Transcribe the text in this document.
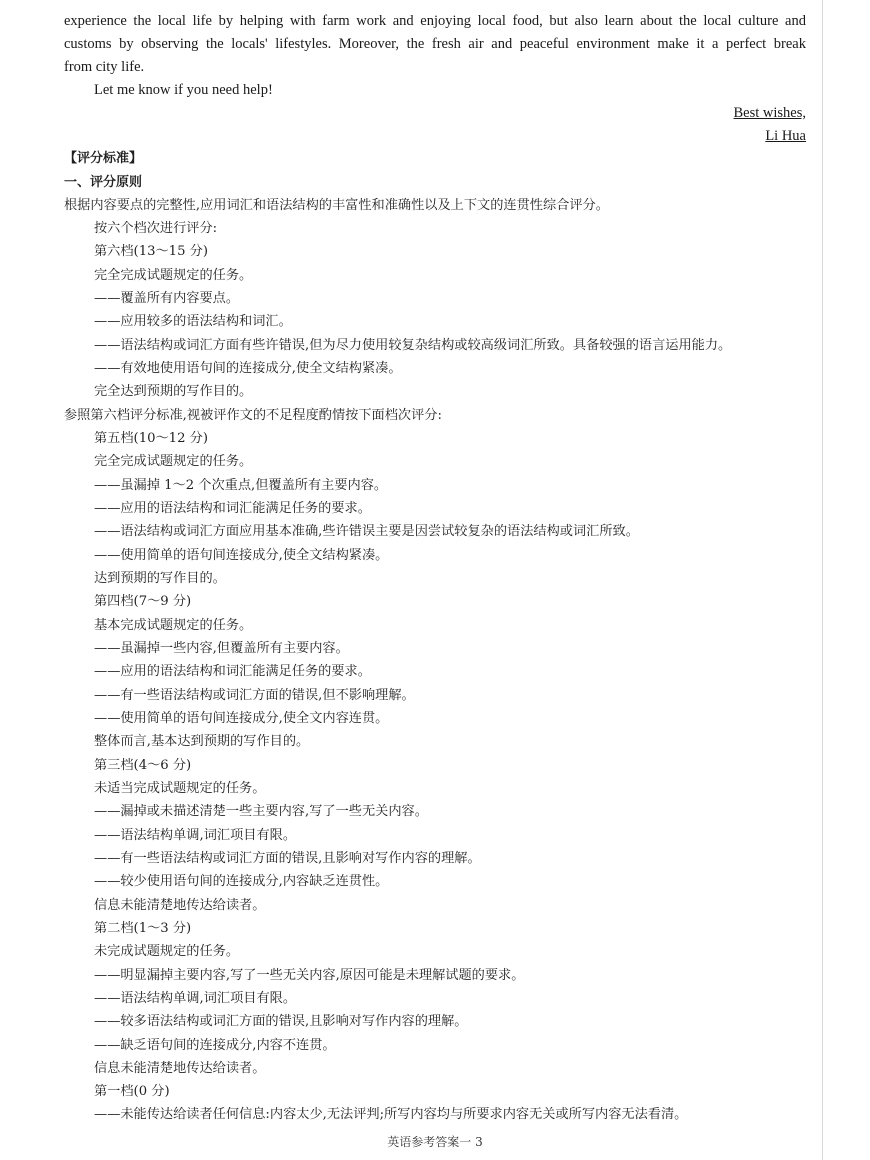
experience the local life by helping with farm work and enjoying local food, but also learn about the local culture and
customs by observing the locals' lifestyles. Moreover, the fresh air and peaceful environment make it a perfect break
from city life.
Let me know if you need help!
Best wishes,
Li Hua
【评分标准】
一、评分原则
根据内容要点的完整性,应用词汇和语法结构的丰富性和准确性以及上下文的连贯性综合评分。
按六个档次进行评分:
第六档(13～15 分)
完全完成试题规定的任务。
——覆盖所有内容要点。
——应用较多的语法结构和词汇。
——语法结构或词汇方面有些许错误,但为尽力使用较复杂结构或较高级词汇所致。具备较强的语言运用能力。
——有效地使用语句间的连接成分,使全文结构紧凑。
完全达到预期的写作目的。
参照第六档评分标准,视被评作文的不足程度酌情按下面档次评分:
第五档(10～12 分)
完全完成试题规定的任务。
——虽漏掉 1～2 个次重点,但覆盖所有主要内容。
——应用的语法结构和词汇能满足任务的要求。
——语法结构或词汇方面应用基本准确,些许错误主要是因尝试较复杂的语法结构或词汇所致。
——使用简单的语句间连接成分,使全文结构紧凑。
达到预期的写作目的。
第四档(7～9 分)
基本完成试题规定的任务。
——虽漏掉一些内容,但覆盖所有主要内容。
——应用的语法结构和词汇能满足任务的要求。
——有一些语法结构或词汇方面的错误,但不影响理解。
——使用简单的语句间连接成分,使全文内容连贯。
整体而言,基本达到预期的写作目的。
第三档(4～6 分)
未适当完成试题规定的任务。
——漏掉或未描述清楚一些主要内容,写了一些无关内容。
——语法结构单调,词汇项目有限。
——有一些语法结构或词汇方面的错误,且影响对写作内容的理解。
——较少使用语句间的连接成分,内容缺乏连贯性。
信息未能清楚地传达给读者。
第二档(1～3 分)
未完成试题规定的任务。
——明显漏掉主要内容,写了一些无关内容,原因可能是未理解试题的要求。
——语法结构单调,词汇项目有限。
——较多语法结构或词汇方面的错误,且影响对写作内容的理解。
——缺乏语句间的连接成分,内容不连贯。
信息未能清楚地传达给读者。
第一档(0 分)
——未能传达给读者任何信息:内容太少,无法评判;所写内容均与所要求内容无关或所写内容无法看清。
英语参考答案一 3
